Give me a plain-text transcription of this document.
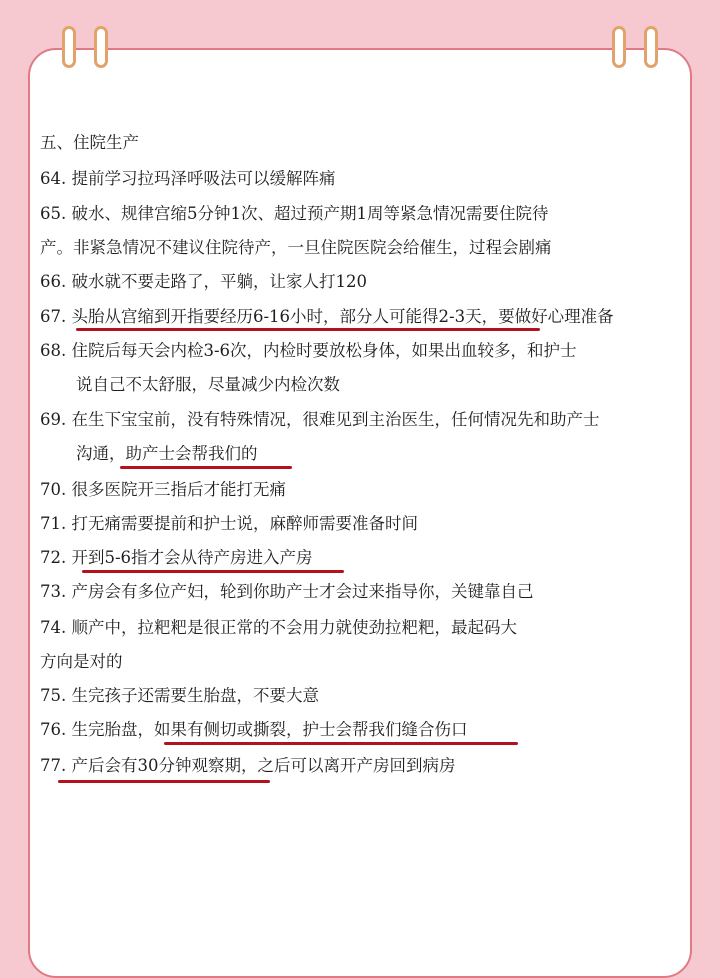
五、住院生产
64. 提前学习拉玛泽呼吸法可以缓解阵痛
65. 破水、规律宫缩5分钟1次、超过预产期1周等紧急情况需要住院待
产。非紧急情况不建议住院待产，一旦住院医院会给催生，过程会剧痛
66. 破水就不要走路了，平躺，让家人打120
67. 头胎从宫缩到开指要经历6-16小时，部分人可能得2-3天，要做好心理准备
68. 住院后每天会内检3-6次，内检时要放松身体，如果出血较多，和护士
说自己不太舒服，尽量减少内检次数
69. 在生下宝宝前，没有特殊情况，很难见到主治医生，任何情况先和助产士
沟通，助产士会帮我们的
70. 很多医院开三指后才能打无痛
71. 打无痛需要提前和护士说，麻醉师需要准备时间
72. 开到5-6指才会从待产房进入产房
73. 产房会有多位产妇，轮到你助产士才会过来指导你，关键靠自己
74. 顺产中，拉粑粑是很正常的不会用力就使劲拉粑粑，最起码大
方向是对的
75. 生完孩子还需要生胎盘，不要大意
76. 生完胎盘，如果有侧切或撕裂，护士会帮我们缝合伤口
77. 产后会有30分钟观察期，之后可以离开产房回到病房
